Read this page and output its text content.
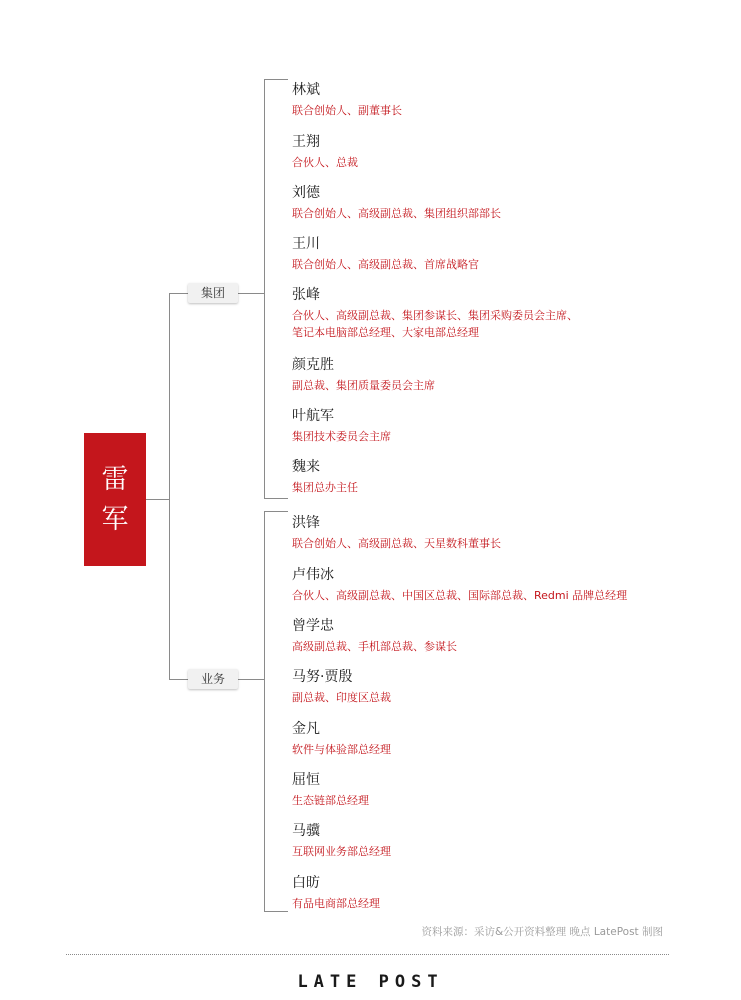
雷
军
集团
业务
林斌
联合创始人、副董事长
王翔
合伙人、总裁
刘德
联合创始人、高级副总裁、集团组织部部长
王川
联合创始人、高级副总裁、首席战略官
张峰
合伙人、高级副总裁、集团参谋长、集团采购委员会主席、
笔记本电脑部总经理、大家电部总经理
颜克胜
副总裁、集团质量委员会主席
叶航军
集团技术委员会主席
魏来
集团总办主任
洪锋
联合创始人、高级副总裁、天星数科董事长
卢伟冰
合伙人、高级副总裁、中国区总裁、国际部总裁、Redmi 品牌总经理
曾学忠
高级副总裁、手机部总裁、参谋长
马努·贾殷
副总裁、印度区总裁
金凡
软件与体验部总经理
屈恒
生态链部总经理
马骥
互联网业务部总经理
白昉
有品电商部总经理
资料来源：采访&公开资料整理 晚点 LatePost 制图
LATE POST
